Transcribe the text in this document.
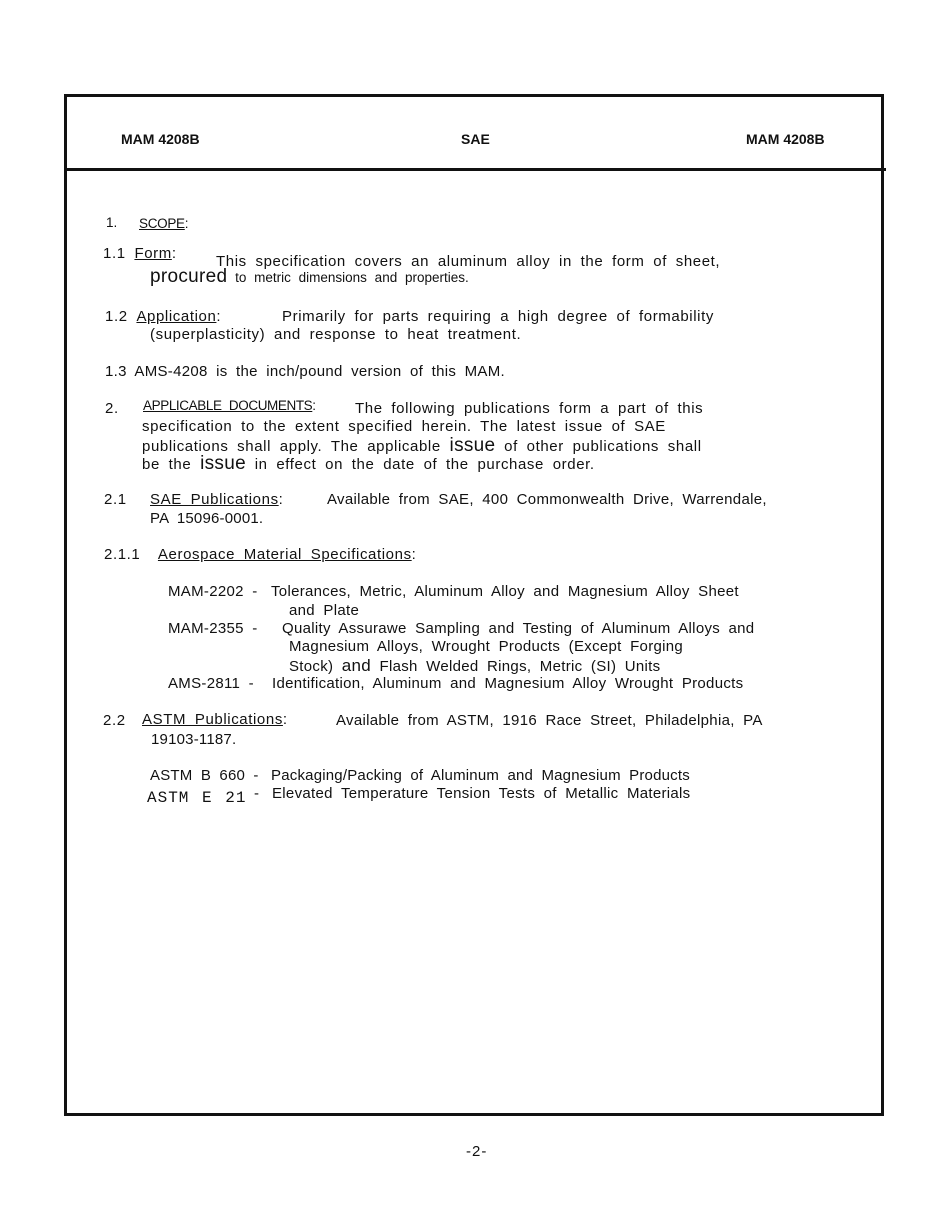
MAM 4208B	SAE	MAM 4208B
1. SCOPE:
1.1 Form:	This specification covers an aluminum alloy in the form of sheet,
procured to metric dimensions and properties.
1.2 Application:	Primarily for parts requiring a high degree of formability
(superplasticity) and response to heat treatment.
1.3 AMS-4208 is the inch/pound version of this MAM.
2. APPLICABLE DOCUMENTS:	The following publications form a part of this
specification to the extent specified herein. The latest issue of SAE
publications shall apply. The applicable issue of other publications shall
be the issue in effect on the date of the purchase order.
2.1 SAE Publications:	Available from SAE, 400 Commonwealth Drive, Warrendale,
PA 15096-0001.
2.1.1 Aerospace Material Specifications:
MAM-2202 - Tolerances, Metric, Aluminum Alloy and Magnesium Alloy Sheet
and Plate
MAM-2355 - Quality Assurawe Sampling and Testing of Aluminum Alloys and
Magnesium Alloys, Wrought Products (Except Forging
Stock) and Flash Welded Rings, Metric (SI) Units
AMS-2811 - Identification, Aluminum and Magnesium Alloy Wrought Products
2.2 ASTM Publications:	Available from ASTM, 1916 Race Street, Philadelphia, PA
19103-1187.
ASTM B 660 - Packaging/Packing of Aluminum and Magnesium Products
ASTM E 21 - Elevated Temperature Tension Tests of Metallic Materials
-2-
